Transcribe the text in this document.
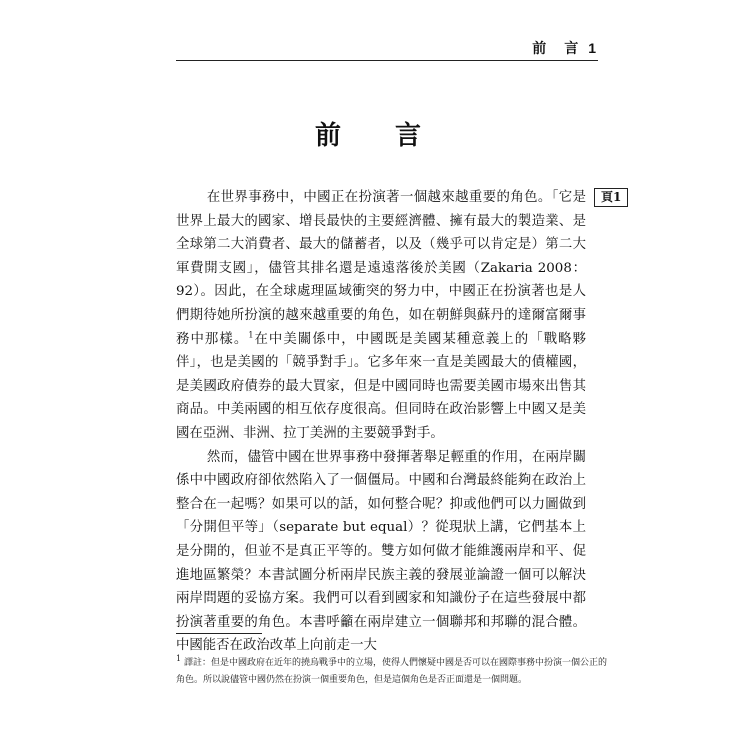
前　言 1
前　言
頁1

在世界事務中，中國正在扮演著一個越來越重要的角色。「它是世界上最大的國家、增長最快的主要經濟體、擁有最大的製造業、是全球第二大消費者、最大的儲蓄者，以及（幾乎可以肯定是）第二大軍費開支國」，儘管其排名還是遠遠落後於美國（Zakaria 2008：92）。因此，在全球處理區域衝突的努力中，中國正在扮演著也是人們期待她所扮演的越來越重要的角色，如在朝鮮與蘇丹的達爾富爾事務中那樣。$^1$在中美關係中，中國既是美國某種意義上的「戰略夥伴」，也是美國的「競爭對手」。它多年來一直是美國最大的債權國，是美國政府債券的最大買家，但是中國同時也需要美國市場來出售其商品。中美兩國的相互依存度很高。但同時在政治影響上中國又是美國在亞洲、非洲、拉丁美洲的主要競爭對手。

然而，儘管中國在世界事務中發揮著舉足輕重的作用，在兩岸關係中中國政府卻依然陷入了一個僵局。中國和台灣最終能夠在政治上整合在一起嗎？如果可以的話，如何整合呢？抑或他們可以力圖做到「分開但平等」（separate but equal）？從現狀上講，它們基本上是分開的，但並不是真正平等的。雙方如何做才能維護兩岸和平、促進地區繁榮？本書試圖分析兩岸民族主義的發展並論證一個可以解決兩岸問題的妥協方案。我們可以看到國家和知識份子在這些發展中都扮演著重要的角色。本書呼籲在兩岸建立一個聯邦和邦聯的混合體。中國能否在政治改革上向前走一大

$^1$ 譯註：但是中國政府在近年的撓烏戰爭中的立場，使得人們懷疑中國是否可以在國際事務中扮演一個公正的角色。所以說儘管中國仍然在扮演一個重要角色，但是這個角色是否正面還是一個問題。
